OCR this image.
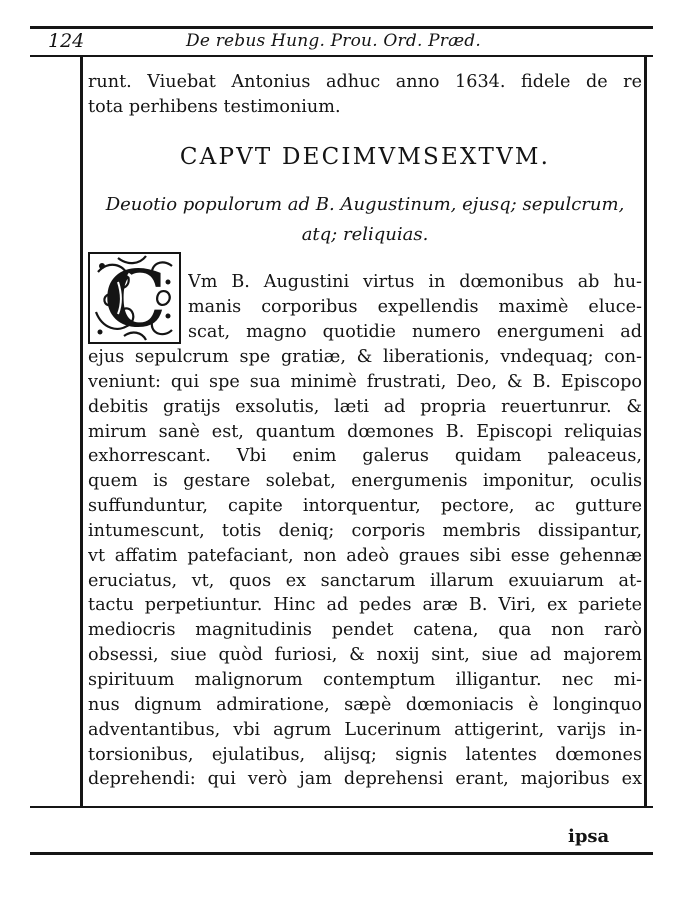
124	De rebus Hung. Prou. Ord. Præd.
runt. Viuebat Antonius adhuc anno 1634. fidele de re
tota perhibens testimonium.
CAPVT DECIMVMSEXTVM.
Deuotio populorum ad B. Augustinum, ejusq; sepulcrum,
atq; reliquias.
C Vm B. Augustini virtus in dœmonibus ab hu-
manis corporibus expellendis maximè eluce-
scat, magno quotidie numero energumeni ad
ejus sepulcrum spe gratiæ, & liberationis, vndequaq; con-
veniunt: qui spe sua minimè frustrati, Deo, & B. Episcopo
debitis gratijs exsolutis, læti ad propria reuertunrur. &
mirum sanè est, quantum dœmones B. Episcopi reliquias
exhorrescant. Vbi enim galerus quidam paleaceus,
quem is gestare solebat, energumenis imponitur, oculis
suffunduntur, capite intorquentur, pectore, ac gutture
intumescunt, totis deniq; corporis membris dissipantur,
vt affatim patefaciant, non adeò graues sibi esse gehennæ
eruciatus, vt, quos ex sanctarum illarum exuuiarum at-
tactu perpetiuntur. Hinc ad pedes aræ B. Viri, ex pariete
mediocris magnitudinis pendet catena, qua non rarò
obsessi, siue quòd furiosi, & noxij sint, siue ad majorem
spirituum malignorum contemptum illigantur. nec mi-
nus dignum admiratione, sæpè dœmoniacis è longinquo
adventantibus, vbi agrum Lucerinum attigerint, varijs in-
torsionibus, ejulatibus, alijsq; signis latentes dœmones
deprehendi: qui verò jam deprehensi erant, majoribus ex
ipsa
